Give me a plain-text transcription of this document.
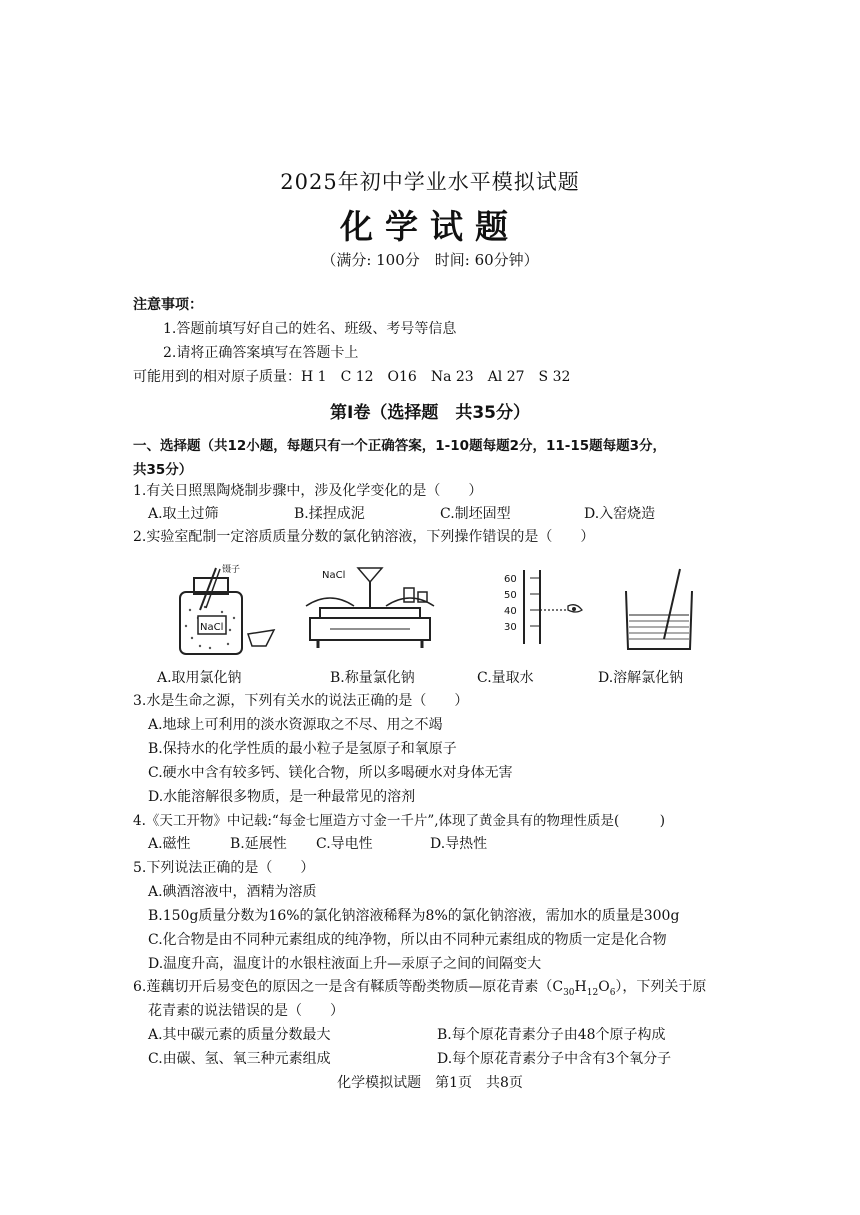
2025年初中学业水平模拟试题
化学试题
（满分: 100分　时间: 60分钟）
注意事项：
1.答题前填写好自己的姓名、班级、考号等信息
2.请将正确答案填写在答题卡上
可能用到的相对原子质量：H 1　C 12　O16　Na 23　Al 27　S 32
第Ⅰ卷（选择题　共35分）
一、选择题（共12小题，每题只有一个正确答案，1-10题每题2分，11-15题每题3分，
共35分）
1.有关日照黑陶烧制步骤中，涉及化学变化的是（　　）
A.取土过筛	B.揉捏成泥	C.制坯固型	D.入窑烧造
2.实验室配制一定溶质质量分数的氯化钠溶液，下列操作错误的是（　　）
NaCl
镊子	NaCl	60
50
40
30
A.取用氯化钠	B.称量氯化钠	C.量取水	D.溶解氯化钠
3.水是生命之源，下列有关水的说法正确的是（　　）
A.地球上可利用的淡水资源取之不尽、用之不竭
B.保持水的化学性质的最小粒子是氢原子和氧原子
C.硬水中含有较多钙、镁化合物，所以多喝硬水对身体无害
D.水能溶解很多物质，是一种最常见的溶剂
4.《天工开物》中记载:“每金七厘造方寸金一千片”,体现了黄金具有的物理性质是(　　　)
A.磁性	B.延展性 C.导电性	D.导热性
5.下列说法正确的是（　　）
A.碘酒溶液中，酒精为溶质
B.150g质量分数为16%的氯化钠溶液稀释为8%的氯化钠溶液，需加水的质量是300g
C.化合物是由不同种元素组成的纯净物，所以由不同种元素组成的物质一定是化合物
D.温度升高，温度计的水银柱液面上升—汞原子之间的间隔变大
6.莲藕切开后易变色的原因之一是含有鞣质等酚类物质—原花青素$(C_{30}H_{12}O_6)$，下列关于原
花青素的说法错误的是（　　）
A.其中碳元素的质量分数最大	B.每个原花青素分子由48个原子构成
C.由碳、氢、氧三种元素组成	D.每个原花青素分子中含有3个氧分子
化学模拟试题　第1页　共8页
